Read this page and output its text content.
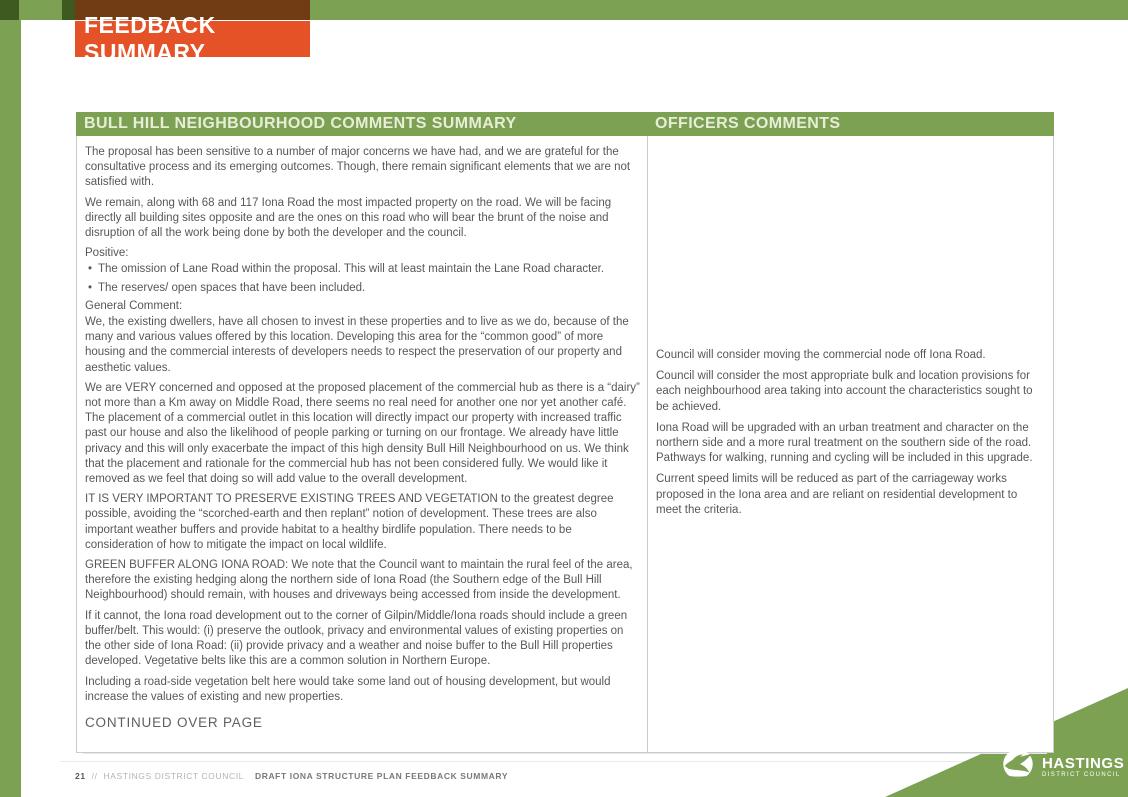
FEEDBACK SUMMARY
BULL HILL NEIGHBOURHOOD COMMENTS SUMMARY	OFFICERS COMMENTS
The proposal has been sensitive to a number of major concerns we have had, and we are grateful for the consultative process and its emerging outcomes. Though, there remain significant elements that we are not satisfied with.
We remain, along with 68 and 117 Iona Road the most impacted property on the road. We will be facing directly all building sites opposite and are the ones on this road who will bear the brunt of the noise and disruption of all the work being done by both the developer and the council.
Positive:
• The omission of Lane Road within the proposal. This will at least maintain the Lane Road character.
• The reserves/ open spaces that have been included.
General Comment:
We, the existing dwellers, have all chosen to invest in these properties and to live as we do, because of the many and various values offered by this location. Developing this area for the “common good” of more housing and the commercial interests of developers needs to respect the preservation of our property and aesthetic values.
We are VERY concerned and opposed at the proposed placement of the commercial hub as there is a “dairy” not more than a Km away on Middle Road, there seems no real need for another one nor yet another café. The placement of a commercial outlet in this location will directly impact our property with increased traffic past our house and also the likelihood of people parking or turning on our frontage. We already have little privacy and this will only exacerbate the impact of this high density Bull Hill Neighbourhood on us. We think that the placement and rationale for the commercial hub has not been considered fully. We would like it removed as we feel that doing so will add value to the overall development.
IT IS VERY IMPORTANT TO PRESERVE EXISTING TREES AND VEGETATION to the greatest degree possible, avoiding the “scorched-earth and then replant” notion of development. These trees are also important weather buffers and provide habitat to a healthy birdlife population. There needs to be consideration of how to mitigate the impact on local wildlife.
GREEN BUFFER ALONG IONA ROAD: We note that the Council want to maintain the rural feel of the area, therefore the existing hedging along the northern side of Iona Road (the Southern edge of the Bull Hill Neighbourhood) should remain, with houses and driveways being accessed from inside the development.
If it cannot, the Iona road development out to the corner of Gilpin/Middle/Iona roads should include a green buffer/belt. This would: (i) preserve the outlook, privacy and environmental values of existing properties on the other side of Iona Road: (ii) provide privacy and a weather and noise buffer to the Bull Hill properties developed. Vegetative belts like this are a common solution in Northern Europe.
Including a road-side vegetation belt here would take some land out of housing development, but would increase the values of existing and new properties.
CONTINUED OVER PAGE
Council will consider moving the commercial node off Iona Road.
Council will consider the most appropriate bulk and location provisions for each neighbourhood area taking into account the characteristics sought to be achieved.
Iona Road will be upgraded with an urban treatment and character on the northern side and a more rural treatment on the southern side of the road. Pathways for walking, running and cycling will be included in this upgrade.
Current speed limits will be reduced as part of the carriageway works proposed in the Iona area and are reliant on residential development to meet the criteria.
21 // HASTINGS DISTRICT COUNCIL DRAFT IONA STRUCTURE PLAN FEEDBACK SUMMARY
HASTINGS
DISTRICT COUNCIL
